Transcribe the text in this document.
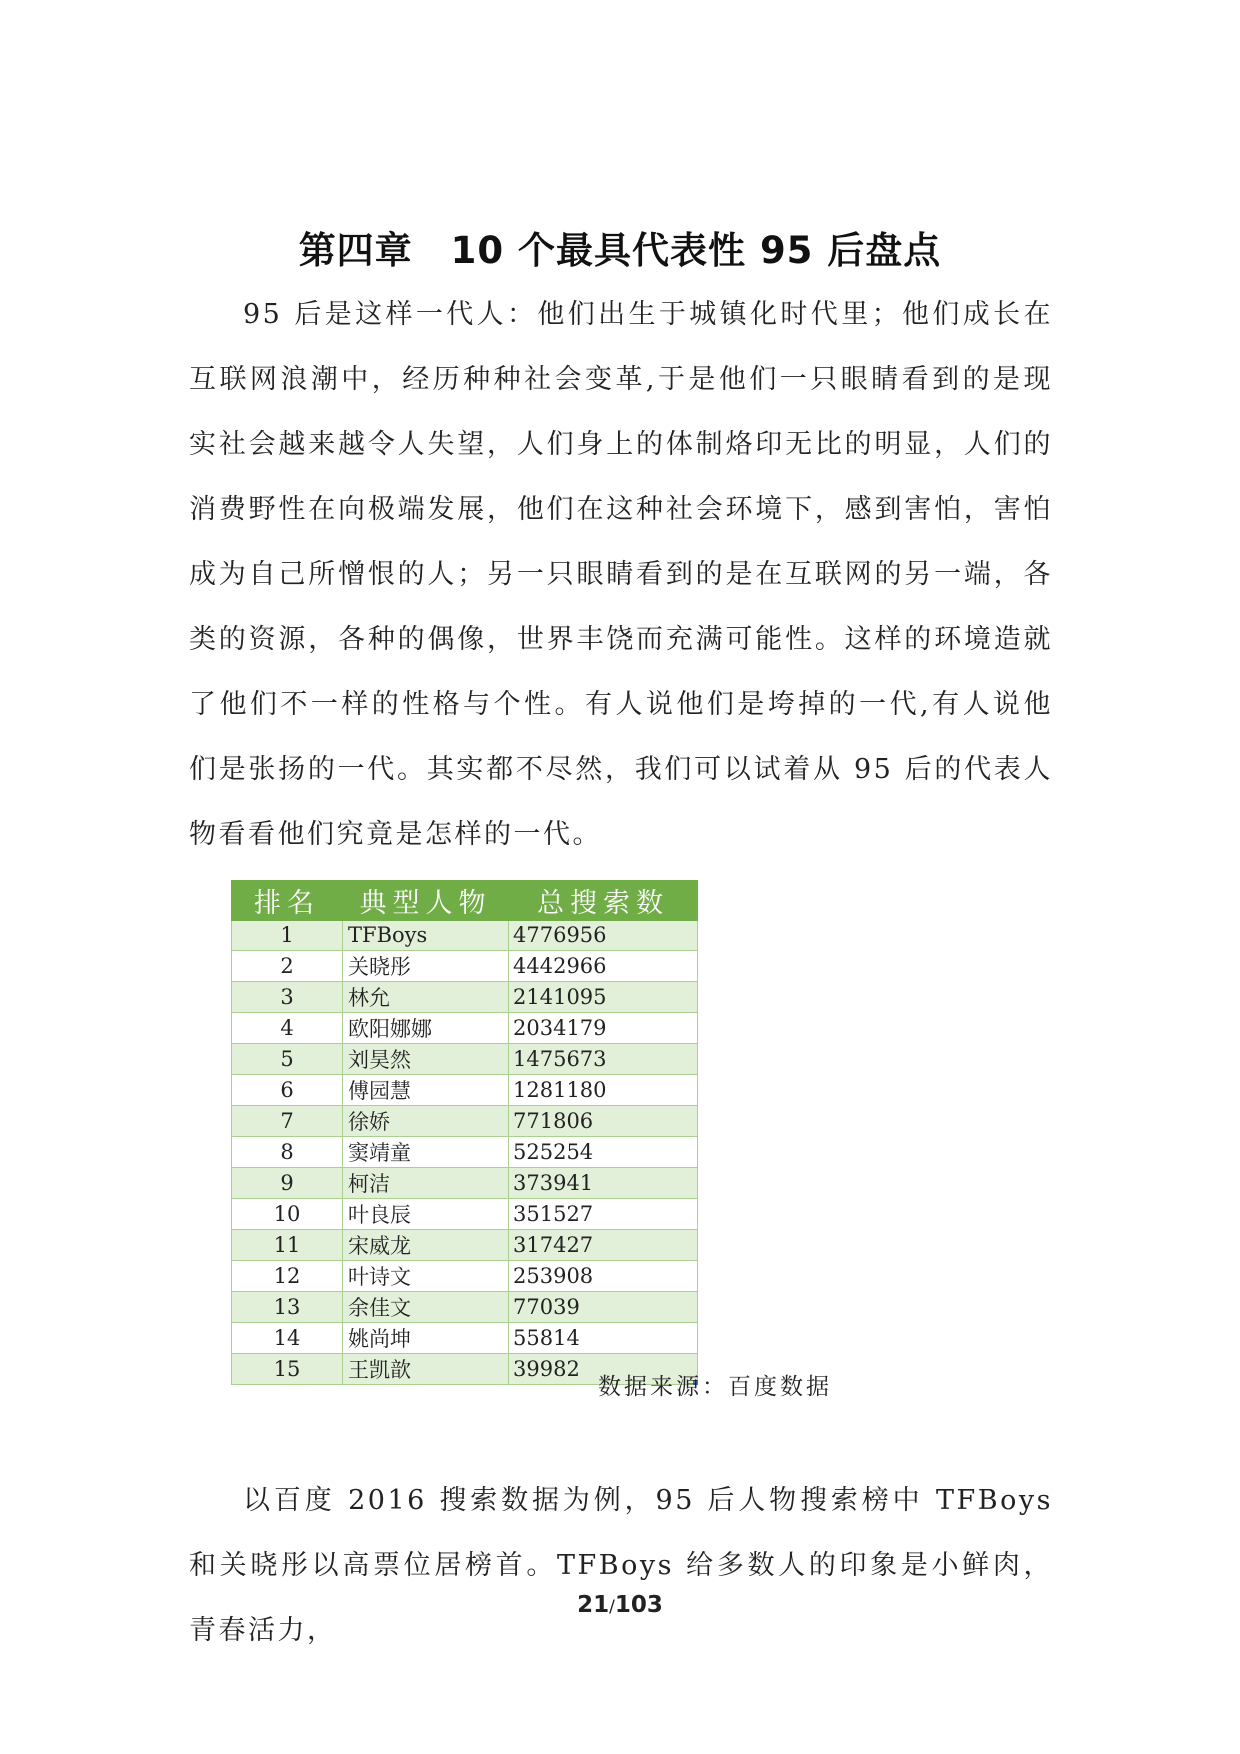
第四章　10 个最具代表性 95 后盘点

95 后是这样一代人：他们出生于城镇化时代里；他们成长在互联网浪潮中，经历种种社会变革,于是他们一只眼睛看到的是现实社会越来越令人失望，人们身上的体制烙印无比的明显，人们的消费野性在向极端发展，他们在这种社会环境下，感到害怕，害怕成为自己所憎恨的人；另一只眼睛看到的是在互联网的另一端，各类的资源，各种的偶像，世界丰饶而充满可能性。这样的环境造就了他们不一样的性格与个性。有人说他们是垮掉的一代,有人说他们是张扬的一代。其实都不尽然，我们可以试着从 95 后的代表人物看看他们究竟是怎样的一代。

排名	典型人物	总搜索数
1	TFBoys	4776956
2	关晓彤	4442966
3	林允	2141095
4	欧阳娜娜	2034179
5	刘昊然	1475673
6	傅园慧	1281180
7	徐娇	771806
8	窦靖童	525254
9	柯洁	373941
10	叶良辰	351527
11	宋威龙	317427
12	叶诗文	253908
13	余佳文	77039
14	姚尚坤	55814
15	王凯歆	39982

数据来源：百度数据

以百度 2016 搜索数据为例，95 后人物搜索榜中 TFBoys 和关晓彤以高票位居榜首。TFBoys 给多数人的印象是小鲜肉，青春活力，

21/103
